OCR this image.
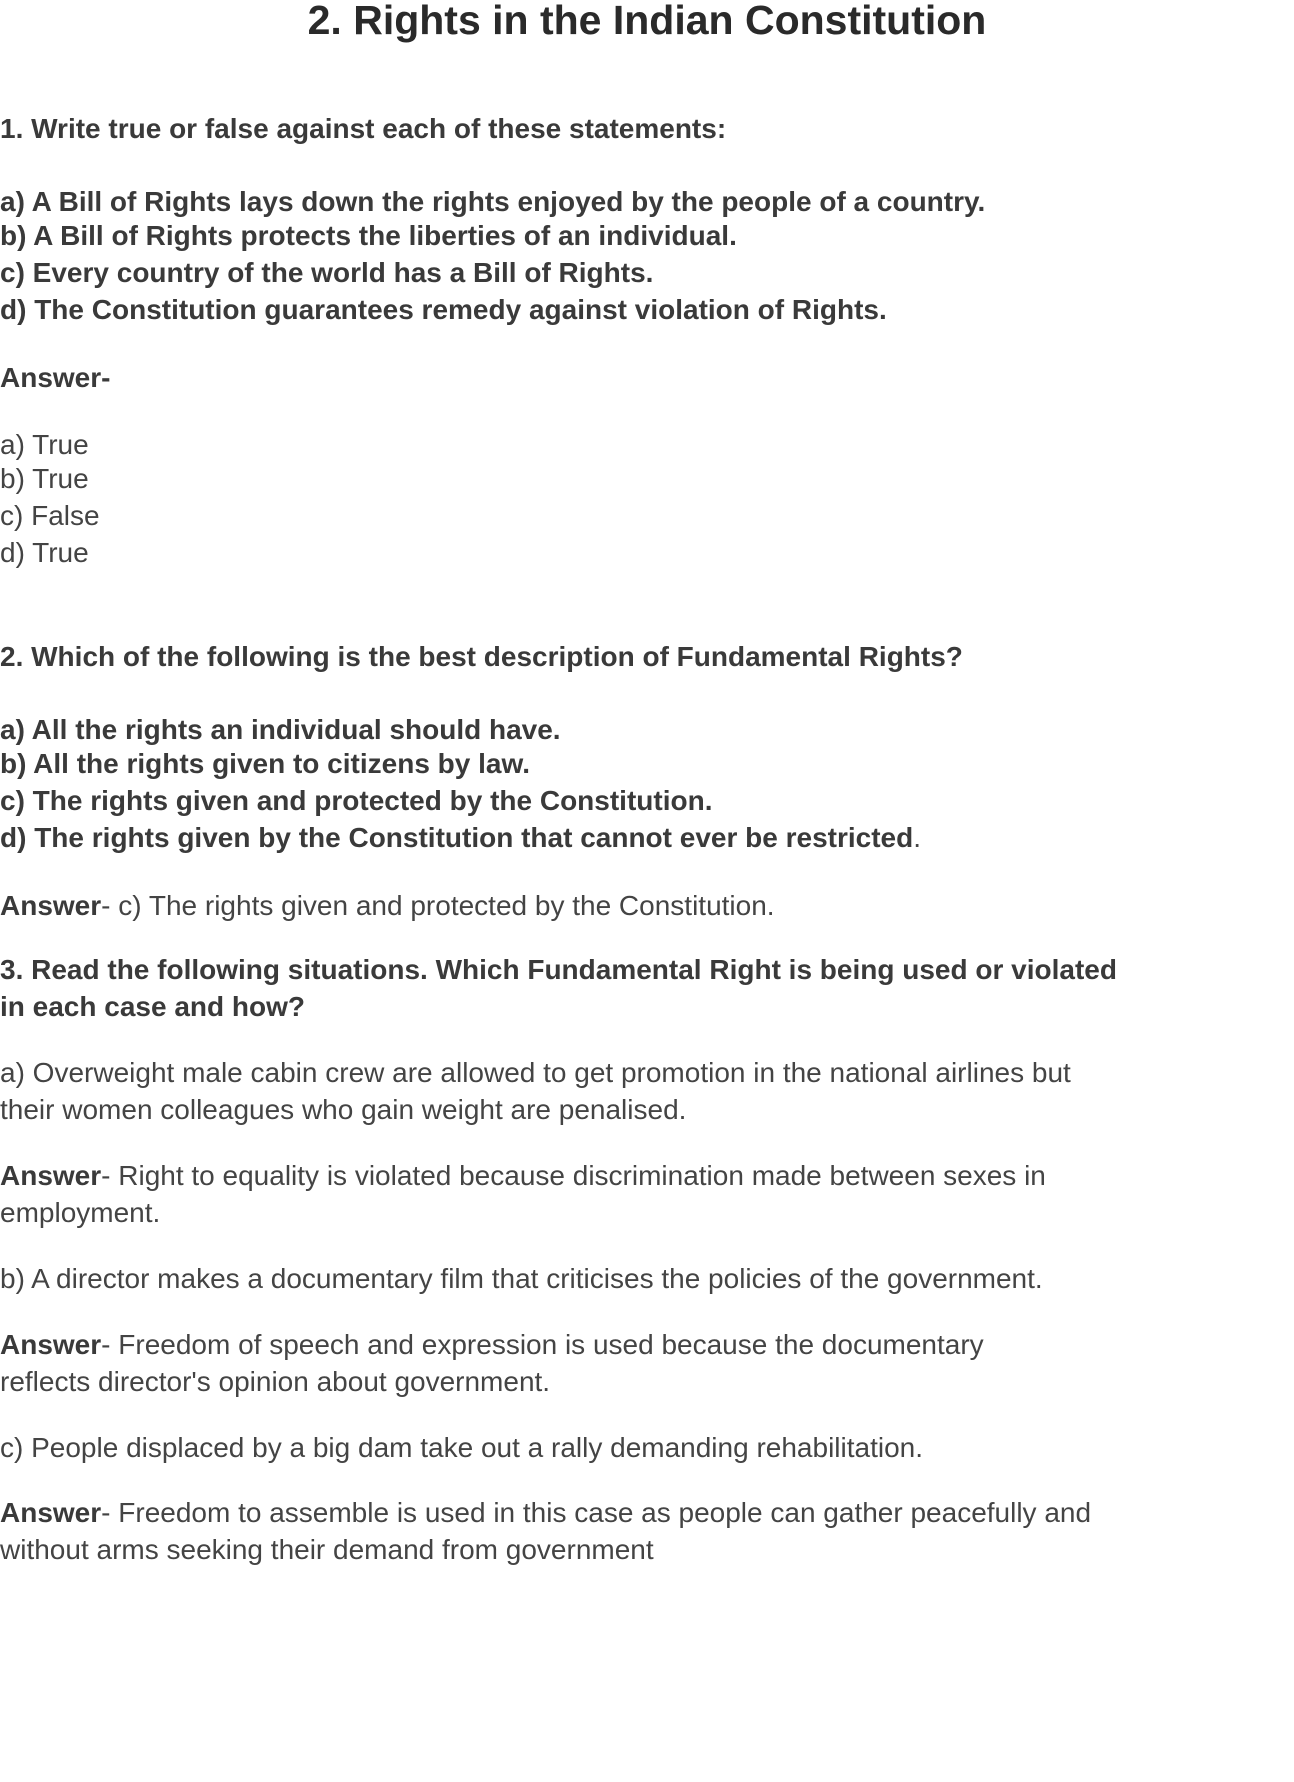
2. Rights in the Indian Constitution
1. Write true or false against each of these statements:
a) A Bill of Rights lays down the rights enjoyed by the people of a country.
b) A Bill of Rights protects the liberties of an individual.
c) Every country of the world has a Bill of Rights.
d) The Constitution guarantees remedy against violation of Rights.
Answer-
a) True
b) True
c) False
d) True
2. Which of the following is the best description of Fundamental Rights?
a) All the rights an individual should have.
b) All the rights given to citizens by law.
c) The rights given and protected by the Constitution.
d) The rights given by the Constitution that cannot ever be restricted.
Answer- c) The rights given and protected by the Constitution.
3. Read the following situations. Which Fundamental Right is being used or violated in each case and how?
a) Overweight male cabin crew are allowed to get promotion in the national airlines but their women colleagues who gain weight are penalised.
Answer- Right to equality is violated because discrimination made between sexes in employment.
b) A director makes a documentary film that criticises the policies of the government.
Answer- Freedom of speech and expression is used because the documentary reflects director's opinion about government.
c) People displaced by a big dam take out a rally demanding rehabilitation.
Answer- Freedom to assemble is used in this case as people can gather peacefully and without arms seeking their demand from government
